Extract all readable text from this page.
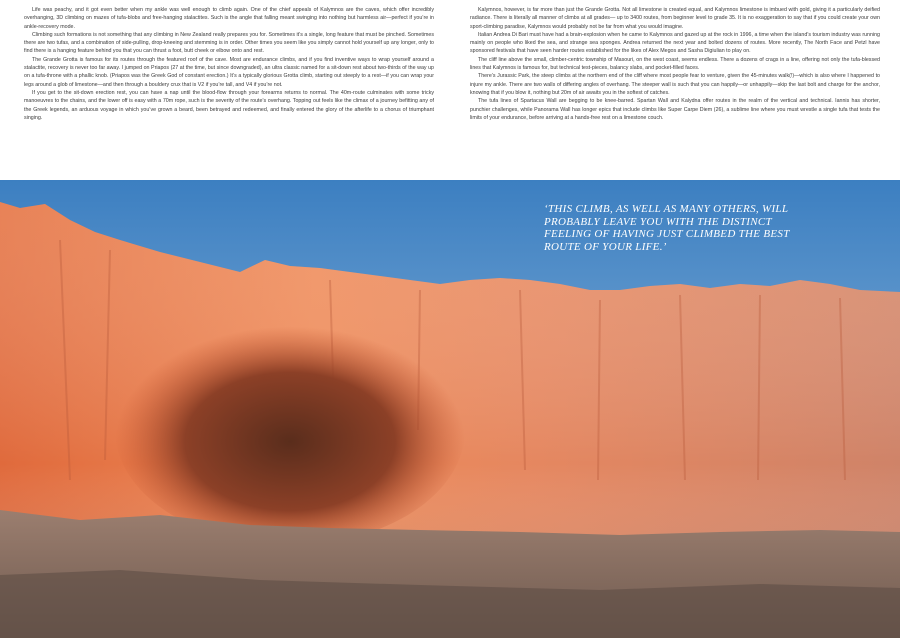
Life was peachy, and it got even better when my ankle was well enough to climb again. One of the chief appeals of Kalymnos are the caves, which offer incredibly overhanging, 3D climbing on mazes of tufa-blobs and free-hanging stalactites. Such is the angle that falling meant swinging into nothing but harmless air—perfect if you’re in ankle-recovery mode.

Climbing such formations is not something that any climbing in New Zealand really prepares you for. Sometimes it’s a single, long feature that must be pinched. Sometimes there are two tufas, and a combination of side-pulling, drop-kneeing and stemming is in order. Other times you seem like you simply cannot hold yourself up any longer, only to find there is a hanging feature behind you that you can thrust a foot, butt cheek or elbow onto and rest.

The Grande Grotta is famous for its routes through the featured roof of the cave. Most are endurance climbs, and if you find inventive ways to wrap yourself around a stalactite, recovery is never too far away. I jumped on Priapos (27 at the time, but since downgraded), an ultra classic named for a sit-down rest about two-thirds of the way up on a tufa-throne with a phallic knob. (Priapos was the Greek God of constant erection.) It’s a typically glorious Grotta climb, starting out steeply to a rest—if you can wrap your legs around a glob of limestone—and then through a bouldery crux that is V2 if you’re tall, and V4 if you’re not.

If you get to the sit-down erection rest, you can have a nap until the blood-flow through your forearms returns to normal. The 40m-route culminates with some tricky manoeuvres to the chains, and the lower off is easy with a 70m rope, such is the severity of the route’s overhang. Topping out feels like the climax of a journey befitting any of the Greek legends, an arduous voyage in which you’ve grown a beard, been betrayed and redeemed, and finally entered the glory of the afterlife to a chorus of triumphant singing.

Kalymnos, however, is far more than just the Grande Grotta. Not all limestone is created equal, and Kalymnos limestone is imbued with gold, giving it a particularly deified radiance. There is literally all manner of climbs at all grades— up to 3400 routes, from beginner level to grade 35. It is no exaggeration to say that if you could create your own sport-climbing paradise, Kalymnos would probably not be far from what you would imagine.

Italian Andrea Di Bari must have had a brain-explosion when he came to Kalymnos and gazed up at the rock in 1996, a time when the island’s tourism industry was running mainly on people who liked the sea, and strange sea sponges. Andrea returned the next year and bolted dozens of routes. More recently, The North Face and Petzl have sponsored festivals that have seen harder routes established for the likes of Alex Megos and Sasha Digiulian to play on.

The cliff line above the small, climber-centric township of Masouri, on the west coast, seems endless. There a dozens of crags in a line, offering not only the tufa-blessed lines that Kalymnos is famous for, but technical test-pieces, balancy slabs, and pocket-filled faces.

There’s Jurassic Park, the steep climbs at the northern end of the cliff where most people fear to venture, given the 45-minutes walk(!)—which is also where I happened to injure my ankle. There are two walls of differing angles of overhang. The steeper wall is such that you can happily—or unhappily—skip the last bolt and charge for the anchor, knowing that if you blow it, nothing but 20m of air awaits you in the softest of catches.

The tufa lines of Spartacus Wall are begging to be knee-barred. Spartan Wall and Kalydna offer routes in the realm of the vertical and technical. Iannis has shorter, punchier challenges, while Panorama Wall has longer epics that include climbs like Super Carpe Diem (26), a sublime line where you must wrestle a single tufa that tests the limits of your endurance, before arriving at a hands-free rest on a limestone couch.

‘THIS CLIMB, AS WELL AS MANY OTHERS, WILL PROBABLY LEAVE YOU WITH THE DISTINCT FEELING OF HAVING JUST CLIMBED THE BEST ROUTE OF YOUR LIFE.’
